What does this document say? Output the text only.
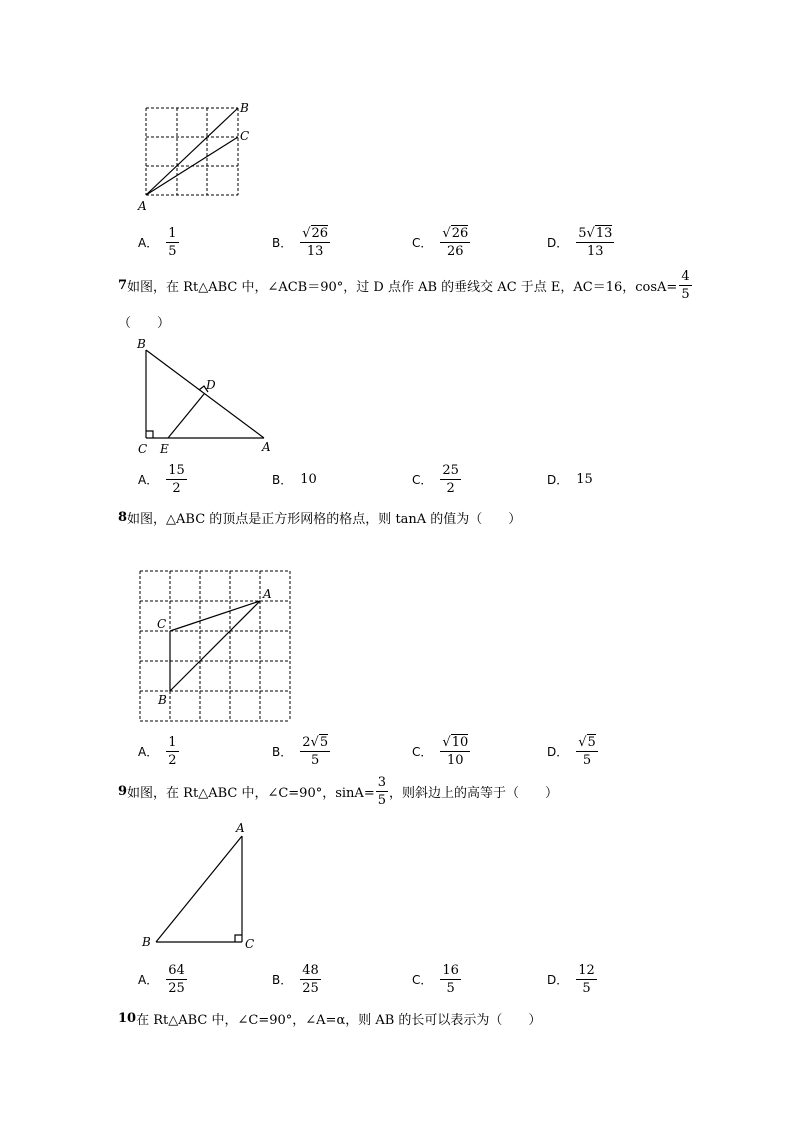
B
C
A
A． $\frac{1}{5}$	B． $\frac{√26}{13}$	C． $\frac{√26}{26}$	D． $\frac{5√13}{13}$
7 如图，在 Rt△ABC 中，∠ACB＝90°，过 D 点作 AB 的垂线交 AC 于点 E，AC＝16，$\cos A= \frac{4}{5}$
（　　）
B
D
C E	A
A． $\frac{15}{2}$	B． 10	C． $\frac{25}{2}$	D． 15
8 如图，△ABC 的顶点是正方形网格的格点，则 tanA 的值为（　　）
A
C
B
A． $\frac{1}{2}$	B． $\frac{2√5}{5}$	C． $\frac{√10}{10}$	D． $\frac{√5}{5}$
9 如图，在 Rt△ABC 中，∠C=90°，$\sin A= \frac{3}{5}$ ，则斜边上的高等于（　　）
A
B	C
A． $\frac{64}{25}$	B． $\frac{48}{25}$	C． $\frac{16}{5}$	D． $\frac{12}{5}$
10 在 Rt△ABC 中，∠C=90°，∠A=α，则 AB 的长可以表示为（　　）
